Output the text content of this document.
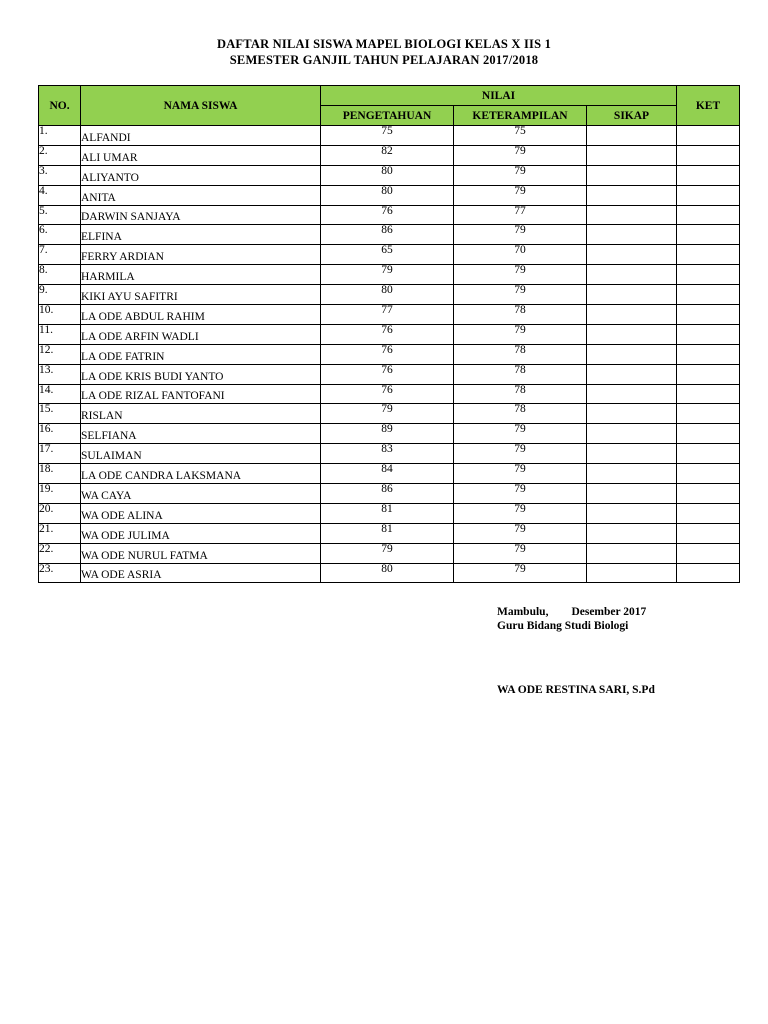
DAFTAR NILAI SISWA MAPEL BIOLOGI KELAS X IIS 1
SEMESTER GANJIL TAHUN PELAJARAN 2017/2018
NO.	NAMA SISWA	NILAI			KET
		PENGETAHUAN	KETERAMPILAN	SIKAP	
1.	ALFANDI	75	75		
2.	ALI UMAR	82	79		
3.	ALIYANTO	80	79		
4.	ANITA	80	79		
5.	DARWIN SANJAYA	76	77		
6.	ELFINA	86	79		
7.	FERRY ARDIAN	65	70		
8.	HARMILA	79	79		
9.	KIKI AYU SAFITRI	80	79		
10.	LA ODE ABDUL RAHIM	77	78		
11.	LA ODE ARFIN WADLI	76	79		
12.	LA ODE FATRIN	76	78		
13.	LA ODE KRIS BUDI YANTO	76	78		
14.	LA ODE RIZAL FANTOFANI	76	78		
15.	RISLAN	79	78		
16.	SELFIANA	89	79		
17.	SULAIMAN	83	79		
18.	LA ODE CANDRA LAKSMANA	84	79		
19.	WA CAYA	86	79		
20.	WA ODE ALINA	81	79		
21.	WA ODE JULIMA	81	79		
22.	WA ODE NURUL FATMA	79	79		
23.	WA ODE ASRIA	80	79		
Mambulu,        Desember 2017
Guru Bidang Studi Biologi
WA ODE RESTINA SARI, S.Pd
